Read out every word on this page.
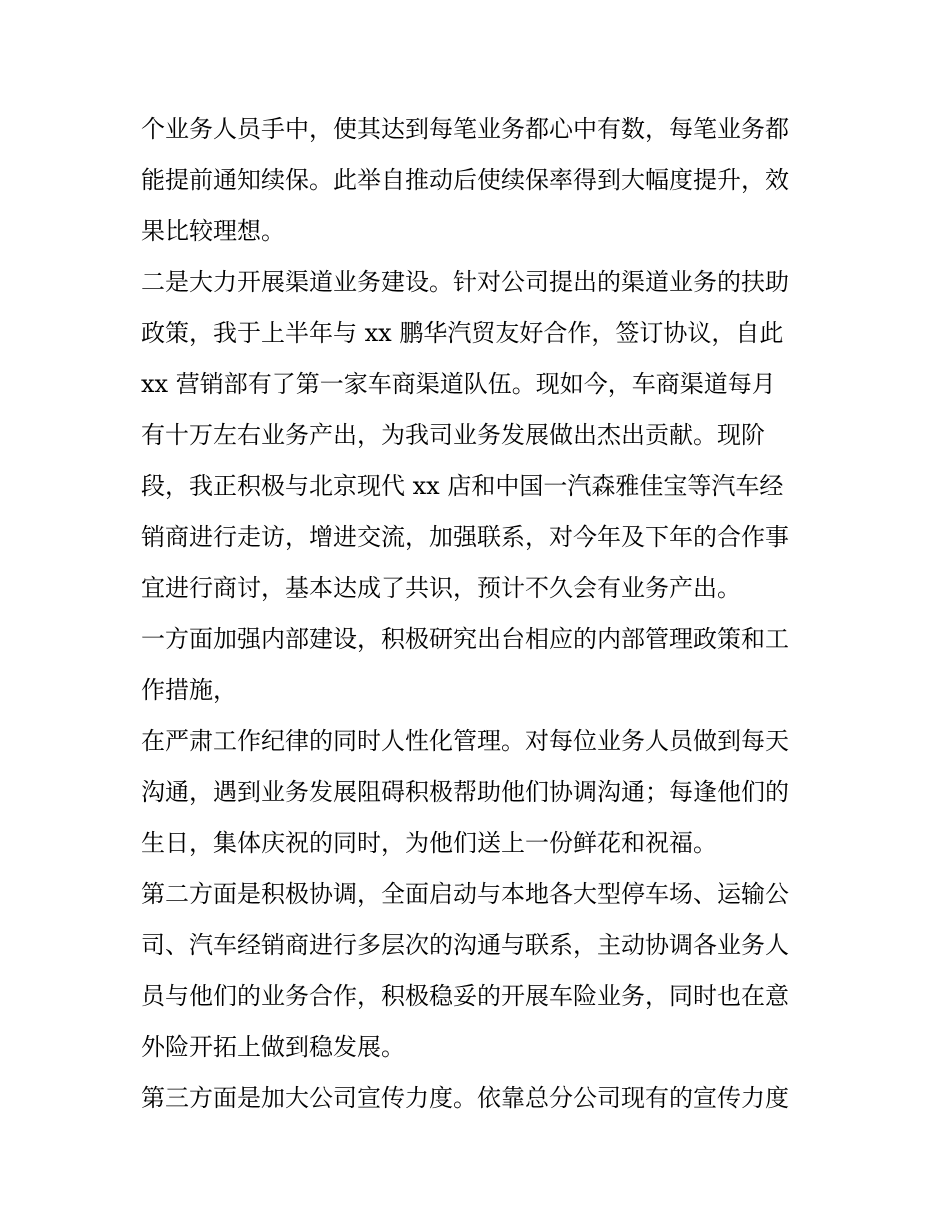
个业务人员手中，使其达到每笔业务都心中有数，每笔业务都
能提前通知续保。此举自推动后使续保率得到大幅度提升，效
果比较理想。
二是大力开展渠道业务建设。针对公司提出的渠道业务的扶助
政策，我于上半年与 xx 鹏华汽贸友好合作，签订协议，自此
xx 营销部有了第一家车商渠道队伍。现如今，车商渠道每月
有十万左右业务产出，为我司业务发展做出杰出贡献。现阶
段，我正积极与北京现代 xx 店和中国一汽森雅佳宝等汽车经
销商进行走访，增进交流，加强联系，对今年及下年的合作事
宜进行商讨，基本达成了共识，预计不久会有业务产出。
一方面加强内部建设，积极研究出台相应的内部管理政策和工
作措施，
在严肃工作纪律的同时人性化管理。对每位业务人员做到每天
沟通，遇到业务发展阻碍积极帮助他们协调沟通；每逢他们的
生日，集体庆祝的同时，为他们送上一份鲜花和祝福。
第二方面是积极协调，全面启动与本地各大型停车场、运输公
司、汽车经销商进行多层次的沟通与联系，主动协调各业务人
员与他们的业务合作，积极稳妥的开展车险业务，同时也在意
外险开拓上做到稳发展。
第三方面是加大公司宣传力度。依靠总分公司现有的宣传力度
